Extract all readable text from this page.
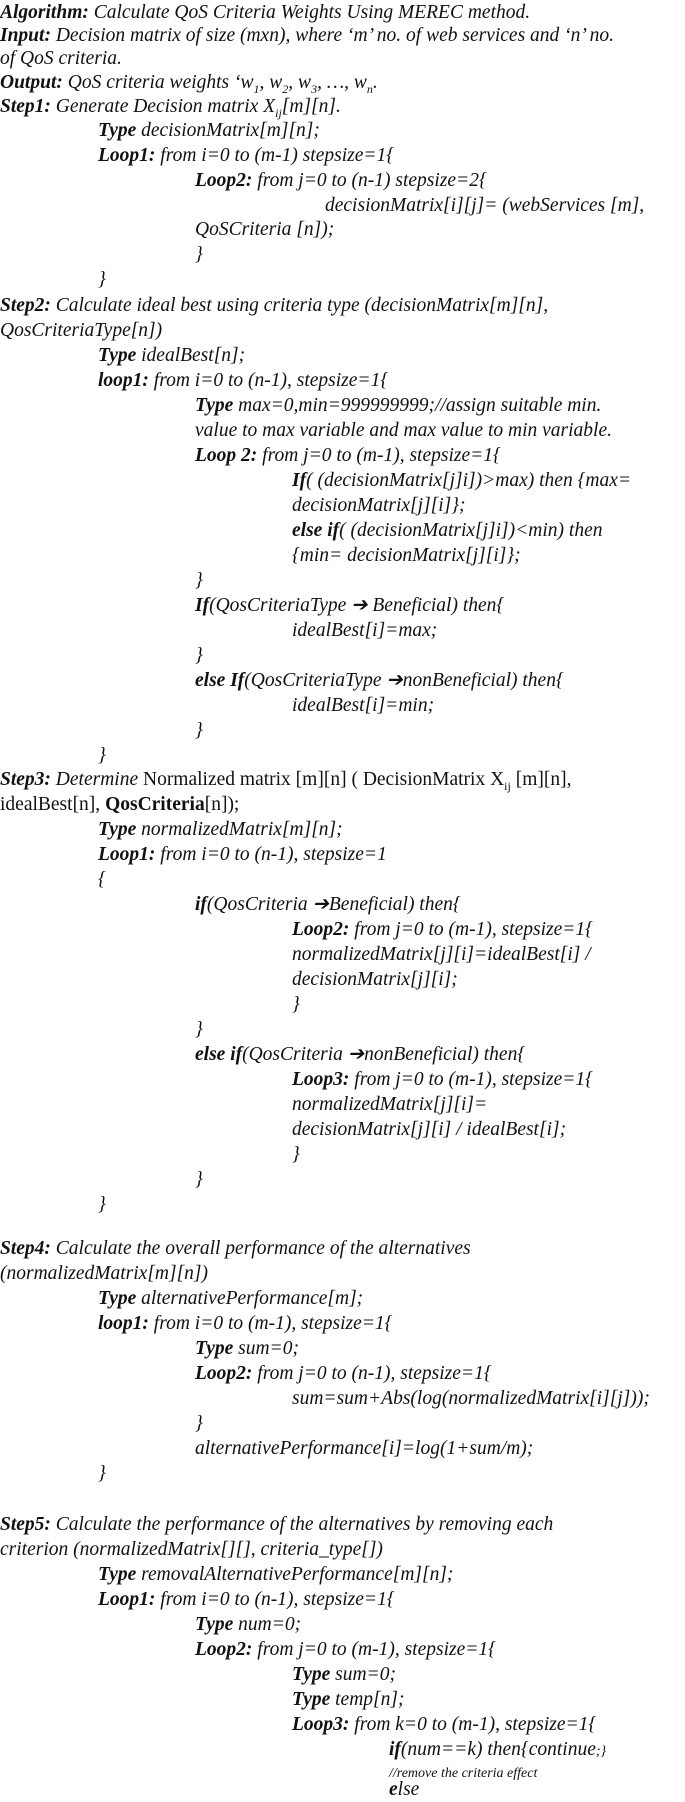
Algorithm: Calculate QoS Criteria Weights Using MEREC method.
Input: Decision matrix of size (mxn), where ‘m’ no. of web services and ‘n’ no.
of QoS criteria.
Output: QoS criteria weights ‘$w_1$, $w_2$, $w_3$, …, $w_n$.
Step1: Generate Decision matrix $X_{ij}[m][n]$.
Type decisionMatrix[m][n];
Loop1: from i=0 to (m-1) stepsize=1{
Loop2: from j=0 to (n-1) stepsize=2{
decisionMatrix[i][j]= (webServices [m],
QoSCriteria [n]);
}
}
Step2: Calculate ideal best using criteria type (decisionMatrix[m][n],
QosCriteriaType[n])
Type idealBest[n];
loop1: from i=0 to (n-1), stepsize=1{
Type max=0,min=999999999;//assign suitable min.
value to max variable and max value to min variable.
Loop 2: from j=0 to (m-1), stepsize=1{
If( (decisionMatrix[j]i])>max) then {max=
decisionMatrix[j][i]};
else if( (decisionMatrix[j]i])<min) then
{min= decisionMatrix[j][i]};
}
If(QosCriteriaType ➔ Beneficial) then{
idealBest[i]=max;
}
else If(QosCriteriaType ➔nonBeneficial) then{
idealBest[i]=min;
}
}
Step3: Determine Normalized matrix [m][n] ( DecisionMatrix $X_{ij}$ [m][n],
idealBest[n], QosCriteria[n]);
Type normalizedMatrix[m][n];
Loop1: from i=0 to (n-1), stepsize=1
{
if(QosCriteria ➔Beneficial) then{
Loop2: from j=0 to (m-1), stepsize=1{
normalizedMatrix[j][i]=idealBest[i] /
decisionMatrix[j][i];
}
}
else if(QosCriteria ➔nonBeneficial) then{
Loop3: from j=0 to (m-1), stepsize=1{
normalizedMatrix[j][i]=
decisionMatrix[j][i] / idealBest[i];
}
}
}
Step4: Calculate the overall performance of the alternatives
(normalizedMatrix[m][n])
Type alternativePerformance[m];
loop1: from i=0 to (m-1), stepsize=1{
Type sum=0;
Loop2: from j=0 to (n-1), stepsize=1{
sum=sum+Abs(log(normalizedMatrix[i][j]));
}
alternativePerformance[i]=log(1+sum/m);
}
Step5: Calculate the performance of the alternatives by removing each
criterion (normalizedMatrix[][], criteria_type[])
Type removalAlternativePerformance[m][n];
Loop1: from i=0 to (n-1), stepsize=1{
Type num=0;
Loop2: from j=0 to (m-1), stepsize=1{
Type sum=0;
Type temp[n];
Loop3: from k=0 to (m-1), stepsize=1{
if(num==k) then{continue;}
//remove the criteria effect
else
